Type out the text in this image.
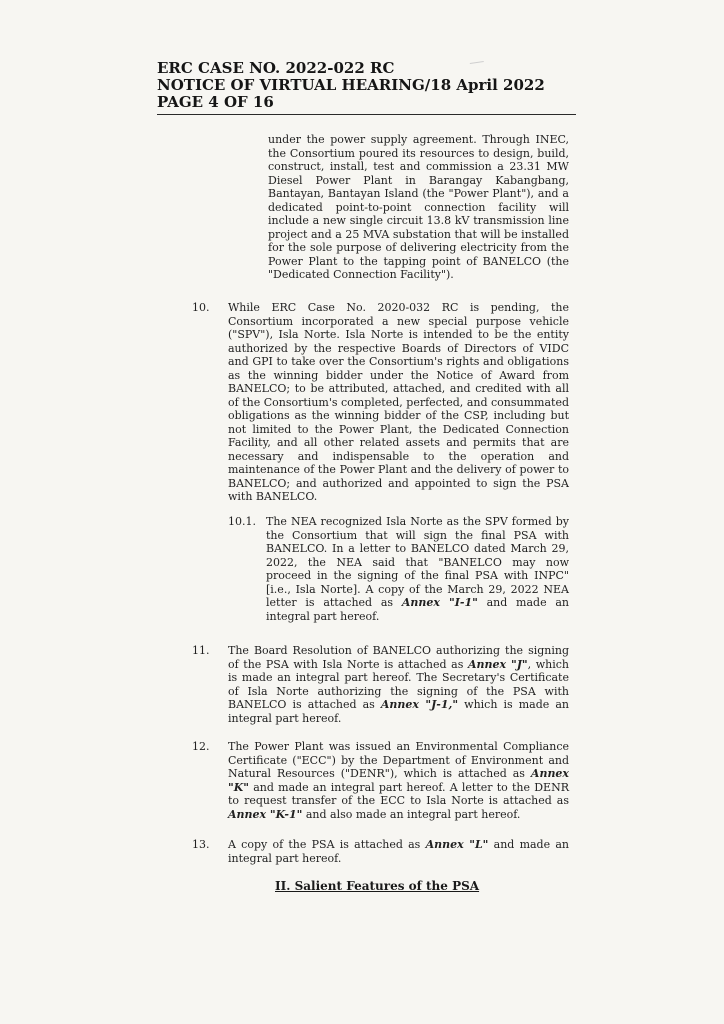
ERC CASE NO. 2022-022 RC
NOTICE OF VIRTUAL HEARING/18 April 2022
PAGE 4 OF 16
under the power supply agreement. Through INEC, the Consortium poured its resources to design, build, construct, install, test and commission a 23.31 MW Diesel Power Plant in Barangay Kabangbang, Bantayan, Bantayan Island (the "Power Plant"), and a dedicated point-to-point connection facility will include a new single circuit 13.8 kV transmission line project and a 25 MVA substation that will be installed for the sole purpose of delivering electricity from the Power Plant to the tapping point of BANELCO (the "Dedicated Connection Facility").
10. While ERC Case No. 2020-032 RC is pending, the Consortium incorporated a new special purpose vehicle ("SPV"), Isla Norte. Isla Norte is intended to be the entity authorized by the respective Boards of Directors of VIDC and GPI to take over the Consortium's rights and obligations as the winning bidder under the Notice of Award from BANELCO; to be attributed, attached, and credited with all of the Consortium's completed, perfected, and consummated obligations as the winning bidder of the CSP, including but not limited to the Power Plant, the Dedicated Connection Facility, and all other related assets and permits that are necessary and indispensable to the operation and maintenance of the Power Plant and the delivery of power to BANELCO; and authorized and appointed to sign the PSA with BANELCO.
10.1. The NEA recognized Isla Norte as the SPV formed by the Consortium that will sign the final PSA with BANELCO. In a letter to BANELCO dated March 29, 2022, the NEA said that "BANELCO may now proceed in the signing of the final PSA with INPC" [i.e., Isla Norte]. A copy of the March 29, 2022 NEA letter is attached as Annex "I-1" and made an integral part hereof.
11. The Board Resolution of BANELCO authorizing the signing of the PSA with Isla Norte is attached as Annex "J", which is made an integral part hereof. The Secretary's Certificate of Isla Norte authorizing the signing of the PSA with BANELCO is attached as Annex "J-1," which is made an integral part hereof.
12. The Power Plant was issued an Environmental Compliance Certificate ("ECC") by the Department of Environment and Natural Resources ("DENR"), which is attached as Annex "K" and made an integral part hereof. A letter to the DENR to request transfer of the ECC to Isla Norte is attached as Annex "K-1" and also made an integral part hereof.
13. A copy of the PSA is attached as Annex "L" and made an integral part hereof.
II. Salient Features of the PSA
